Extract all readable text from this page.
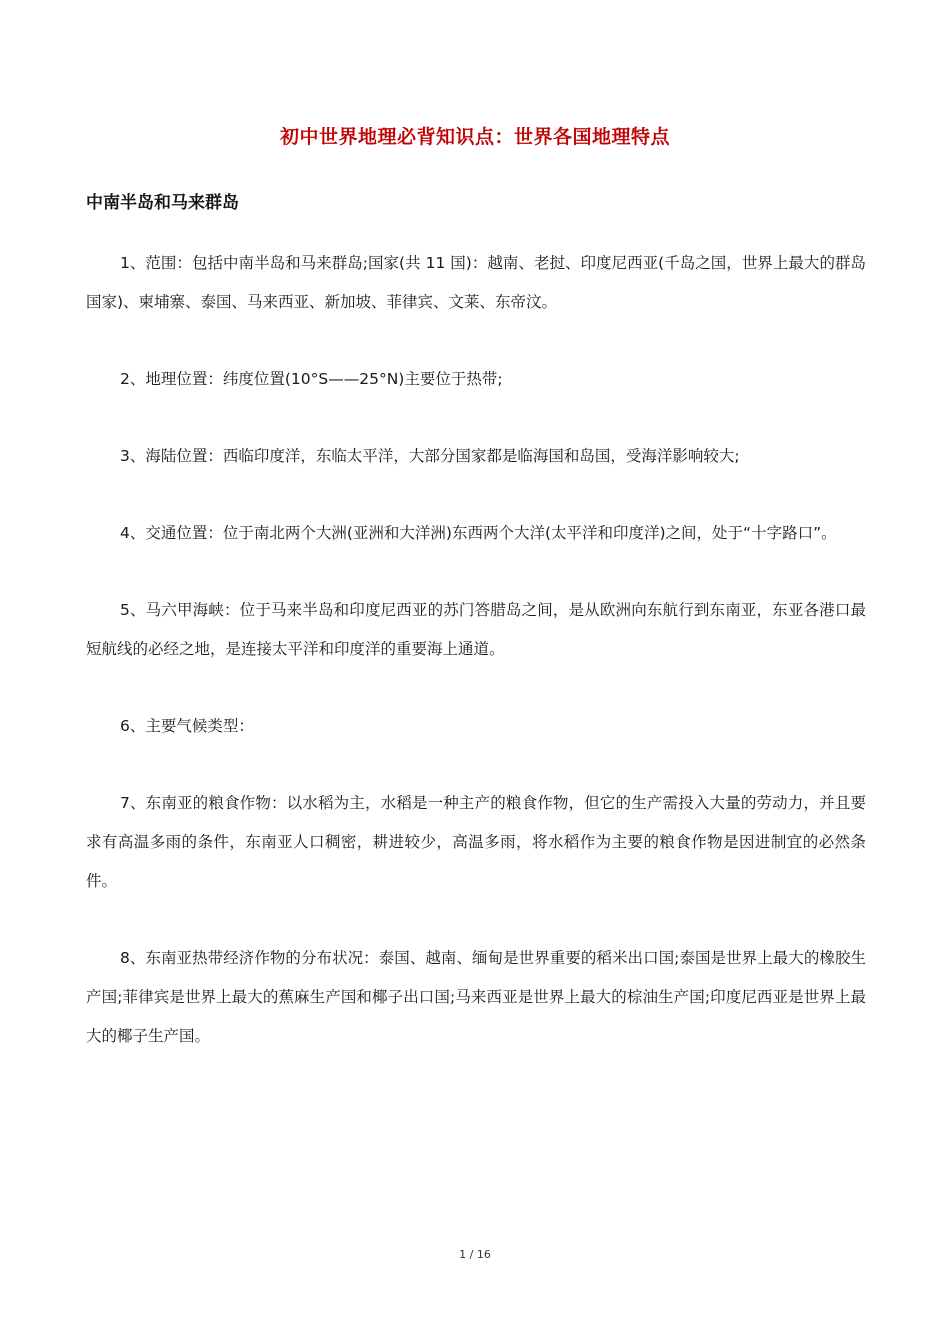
初中世界地理必背知识点：世界各国地理特点
中南半岛和马来群岛

1、范围：包括中南半岛和马来群岛;国家(共 11 国)：越南、老挝、印度尼西亚(千岛之国，世界上最大的群岛国家)、柬埔寨、泰国、马来西亚、新加坡、菲律宾、文莱、东帝汶。

2、地理位置：纬度位置(10°S——25°N)主要位于热带;

3、海陆位置：西临印度洋，东临太平洋，大部分国家都是临海国和岛国，受海洋影响较大;

4、交通位置：位于南北两个大洲(亚洲和大洋洲)东西两个大洋(太平洋和印度洋)之间，处于“十字路口”。

5、马六甲海峡：位于马来半岛和印度尼西亚的苏门答腊岛之间，是从欧洲向东航行到东南亚，东亚各港口最短航线的必经之地，是连接太平洋和印度洋的重要海上通道。

6、主要气候类型：

7、东南亚的粮食作物：以水稻为主，水稻是一种主产的粮食作物，但它的生产需投入大量的劳动力，并且要求有高温多雨的条件，东南亚人口稠密，耕进较少，高温多雨，将水稻作为主要的粮食作物是因进制宜的必然条件。

8、东南亚热带经济作物的分布状况：泰国、越南、缅甸是世界重要的稻米出口国;泰国是世界上最大的橡胶生产国;菲律宾是世界上最大的蕉麻生产国和椰子出口国;马来西亚是世界上最大的棕油生产国;印度尼西亚是世界上最大的椰子生产国。

1 / 16
